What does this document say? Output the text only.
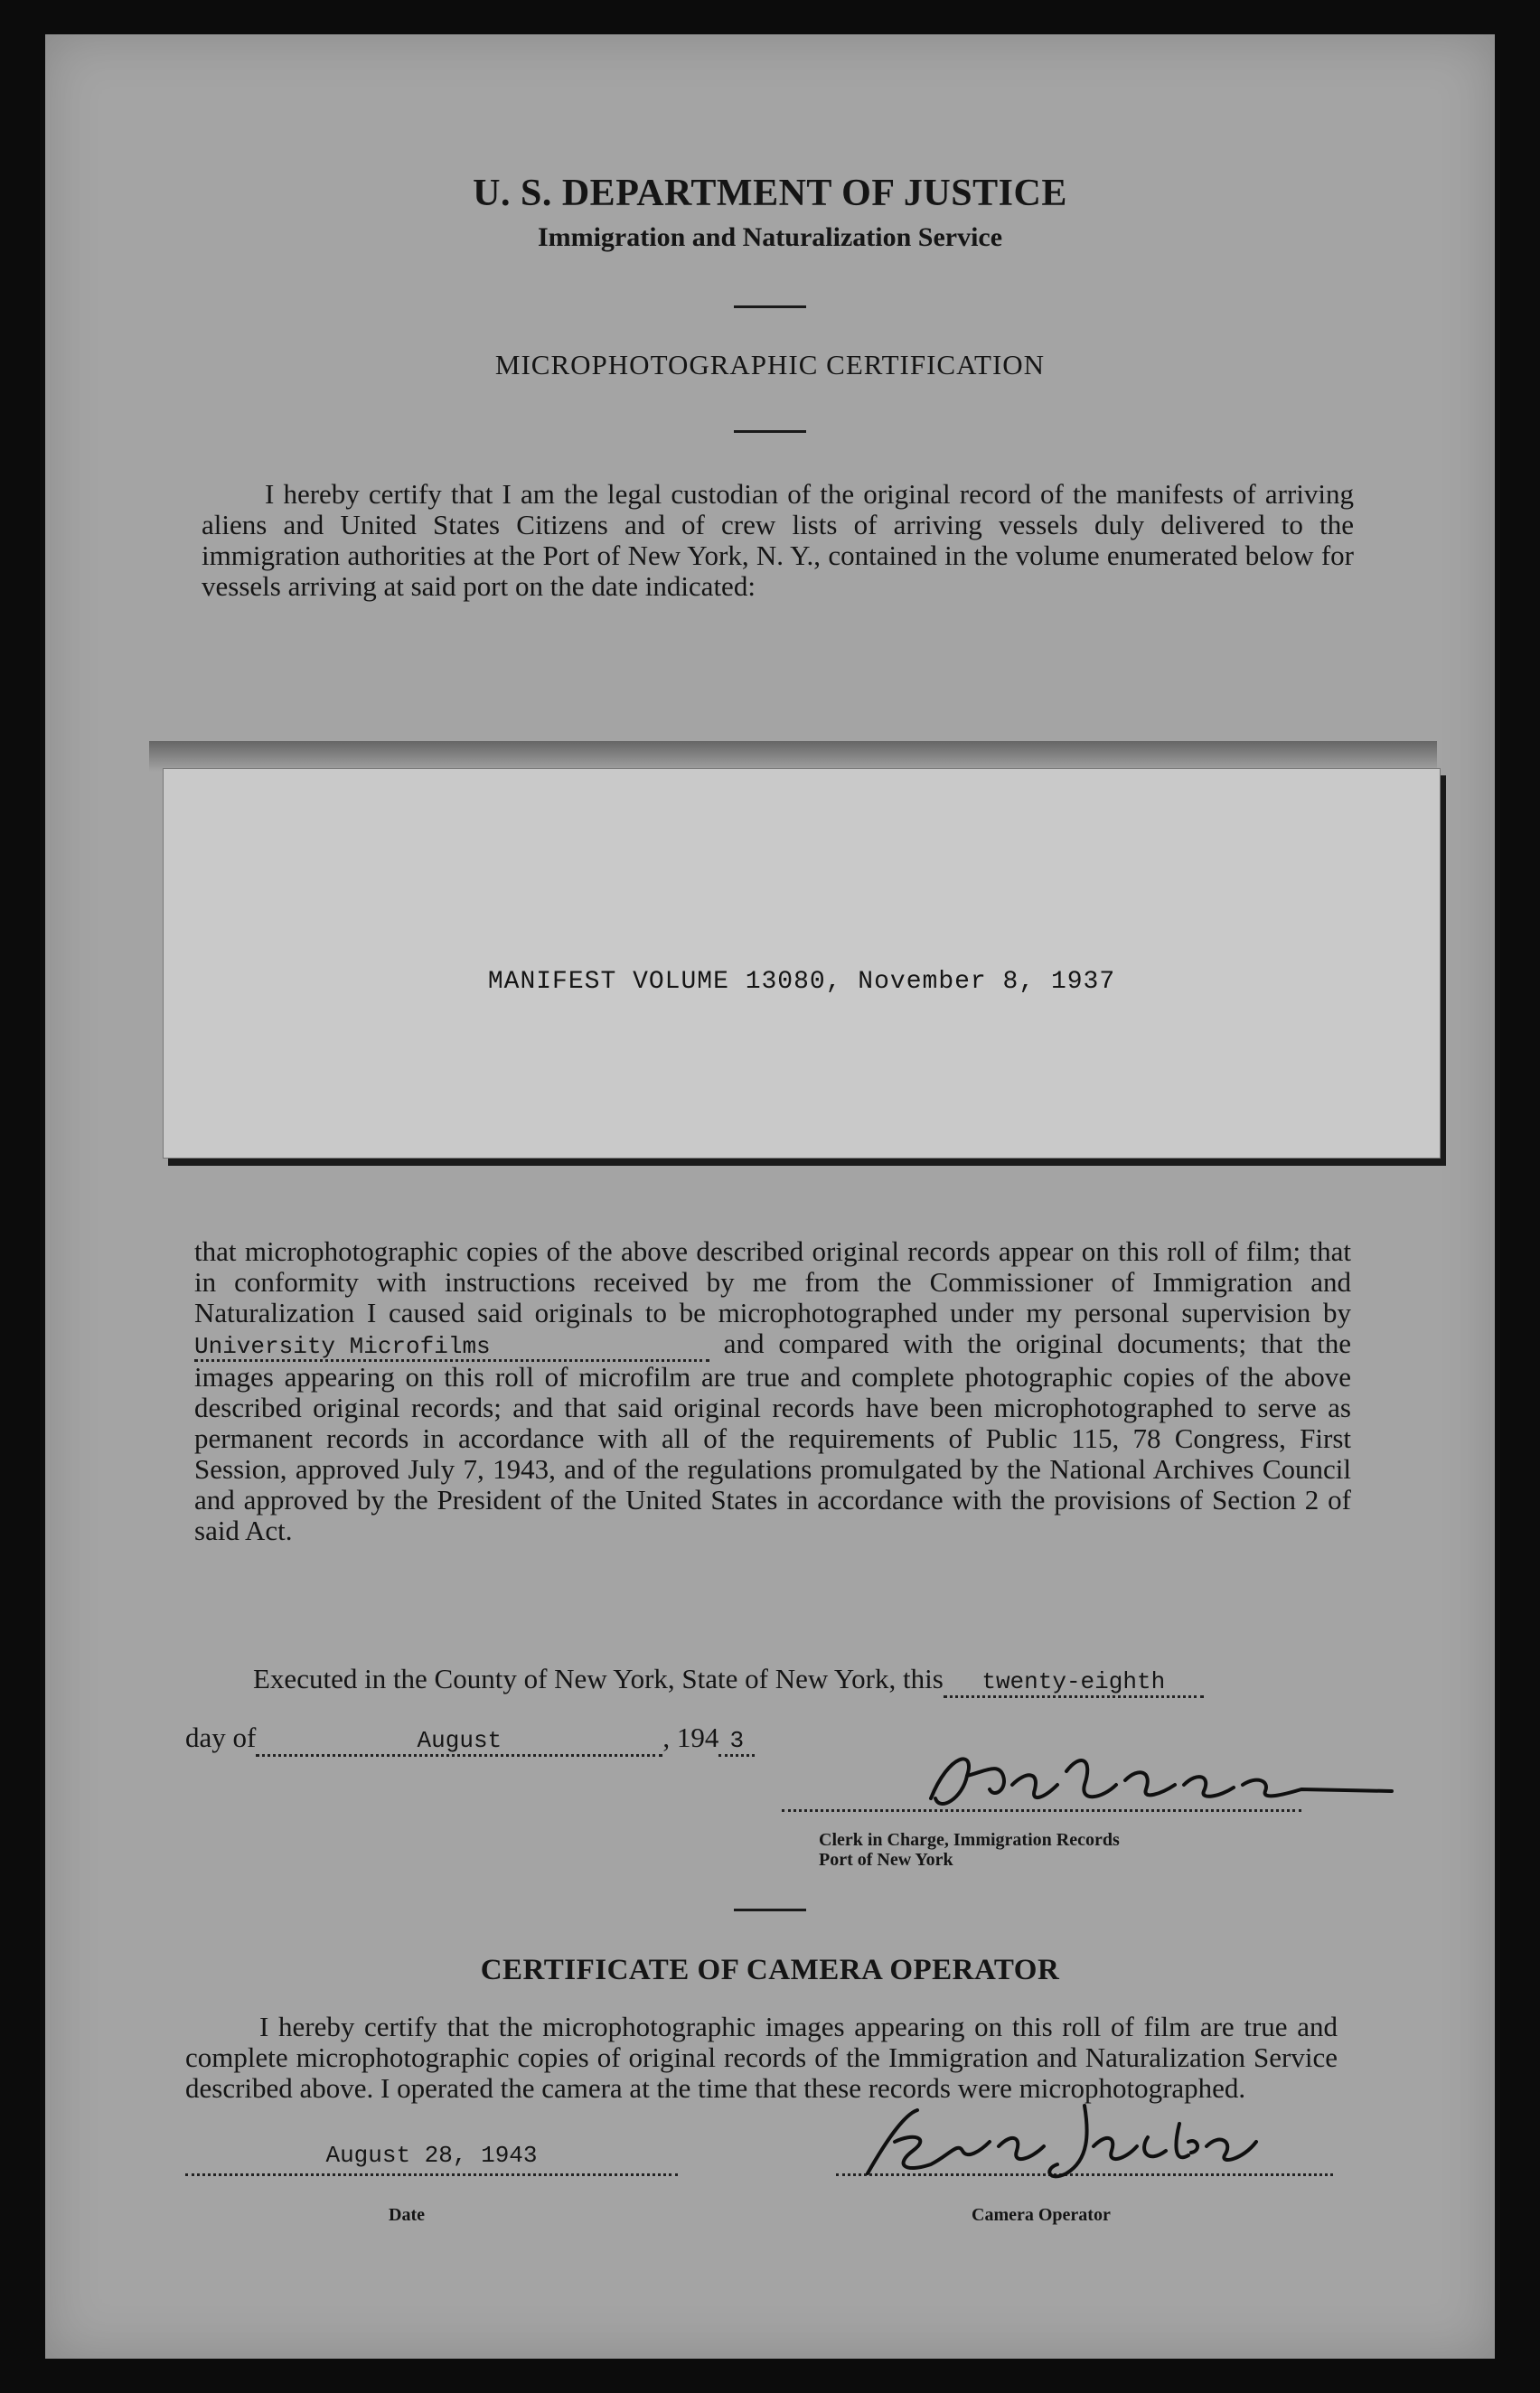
U. S. DEPARTMENT OF JUSTICE
Immigration and Naturalization Service
MICROPHOTOGRAPHIC CERTIFICATION
I hereby certify that I am the legal custodian of the original record of the manifests of arriving aliens and United States Citizens and of crew lists of arriving vessels duly delivered to the immigration authorities at the Port of New York, N. Y., contained in the volume enumerated below for vessels arriving at said port on the date indicated:
MANIFEST VOLUME 13080, November 8, 1937
that microphotographic copies of the above described original records appear on this roll of film; that in conformity with instructions received by me from the Commissioner of Immigration and Naturalization I caused said originals to be microphotographed under my personal supervision byUniversity Microfilms	and compared with the original documents; that the images appearing on this roll of microfilm are true and complete photographic copies of the above described original records; and that said original records have been microphotographed to serve as permanent records in accordance with all of the requirements of Public 115, 78 Congress, First Session, approved July 7, 1943, and of the regulations promulgated by the National Archives Council and approved by the President of the United States in accordance with the provisions of Section 2 of said Act.
Executed in the County of New York, State of New York, this twenty-eighth
day of	August	, 194 3
Clerk in Charge, Immigration Records
Port of New York
CERTIFICATE OF CAMERA OPERATOR
I hereby certify that the microphotographic images appearing on this roll of film are true and complete microphotographic copies of original records of the Immigration and Naturalization Service described above. I operated the camera at the time that these records were microphotographed.
August 28, 1943
Date	Camera Operator
